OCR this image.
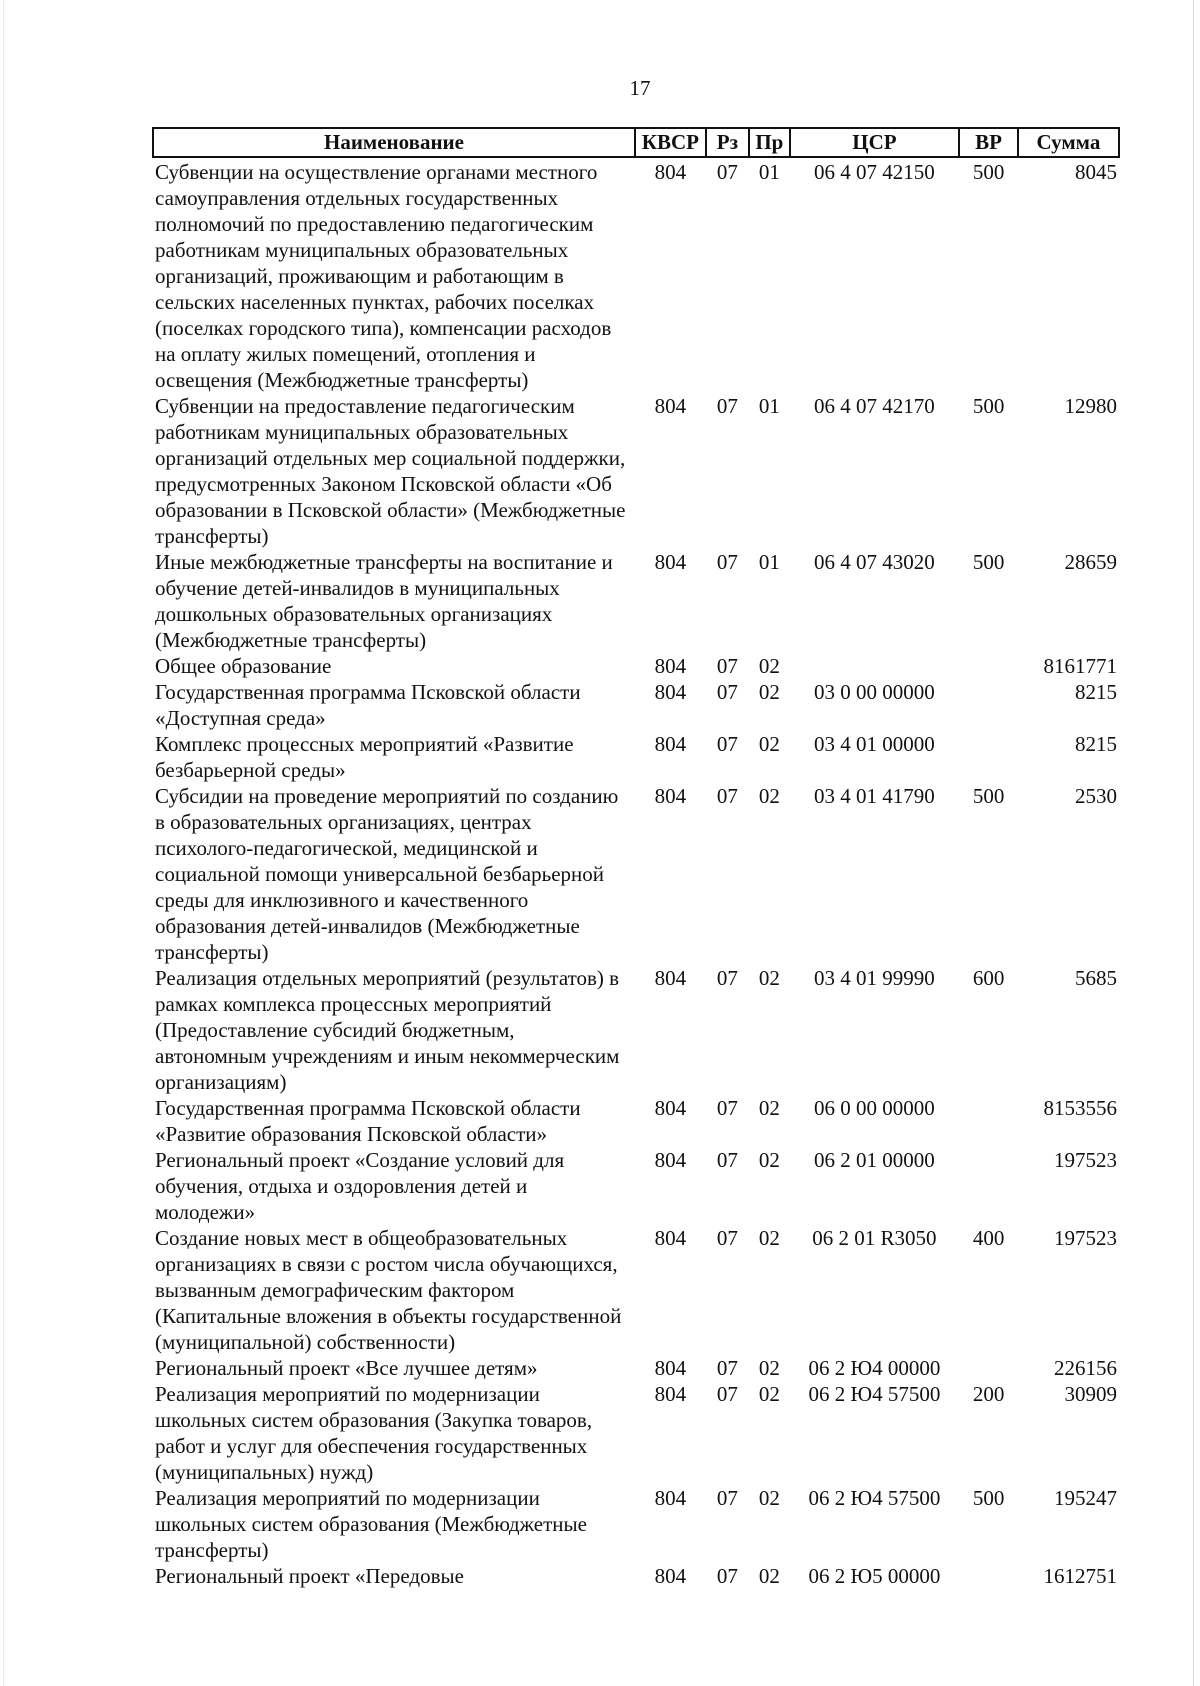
17
Наименование	КВСР	Рз	Пр	ЦСР	ВР	Сумма
Субвенции на осуществление органами местного самоуправления отдельных государственных полномочий по предоставлению педагогическим работникам муниципальных образовательных организаций, проживающим и работающим в сельских населенных пунктах, рабочих поселках (поселках городского типа), компенсации расходов на оплату жилых помещений, отопления и освещения (Межбюджетные трансферты)	804	07	01	06 4 07 42150	500	8045
Субвенции на предоставление педагогическим работникам муниципальных образовательных организаций отдельных мер социальной поддержки, предусмотренных Законом Псковской области «Об образовании в Псковской области» (Межбюджетные трансферты)	804	07	01	06 4 07 42170	500	12980
Иные межбюджетные трансферты на воспитание и обучение детей-инвалидов в муниципальных дошкольных образовательных организациях (Межбюджетные трансферты)	804	07	01	06 4 07 43020	500	28659
Общее образование	804	07	02			8161771
Государственная программа Псковской области «Доступная среда»	804	07	02	03 0 00 00000		8215
Комплекс процессных мероприятий «Развитие безбарьерной среды»	804	07	02	03 4 01 00000		8215
Субсидии на проведение мероприятий по созданию в образовательных организациях, центрах психолого-педагогической, медицинской и социальной помощи универсальной безбарьерной среды для инклюзивного и качественного образования детей-инвалидов (Межбюджетные трансферты)	804	07	02	03 4 01 41790	500	2530
Реализация отдельных мероприятий (результатов) в рамках комплекса процессных мероприятий (Предоставление субсидий бюджетным, автономным учреждениям и иным некоммерческим организациям)	804	07	02	03 4 01 99990	600	5685
Государственная программа Псковской области «Развитие образования Псковской области»	804	07	02	06 0 00 00000		8153556
Региональный проект «Создание условий для обучения, отдыха и оздоровления детей и молодежи»	804	07	02	06 2 01 00000		197523
Создание новых мест в общеобразовательных организациях в связи с ростом числа обучающихся, вызванным демографическим фактором (Капитальные вложения в объекты государственной (муниципальной) собственности)	804	07	02	06 2 01 R3050	400	197523
Региональный проект «Все лучшее детям»	804	07	02	06 2 Ю4 00000		226156
Реализация мероприятий по модернизации школьных систем образования (Закупка товаров, работ и услуг для обеспечения государственных (муниципальных) нужд)	804	07	02	06 2 Ю4 57500	200	30909
Реализация мероприятий по модернизации школьных систем образования (Межбюджетные трансферты)	804	07	02	06 2 Ю4 57500	500	195247
Региональный проект «Передовые	804	07	02	06 2 Ю5 00000		1612751
